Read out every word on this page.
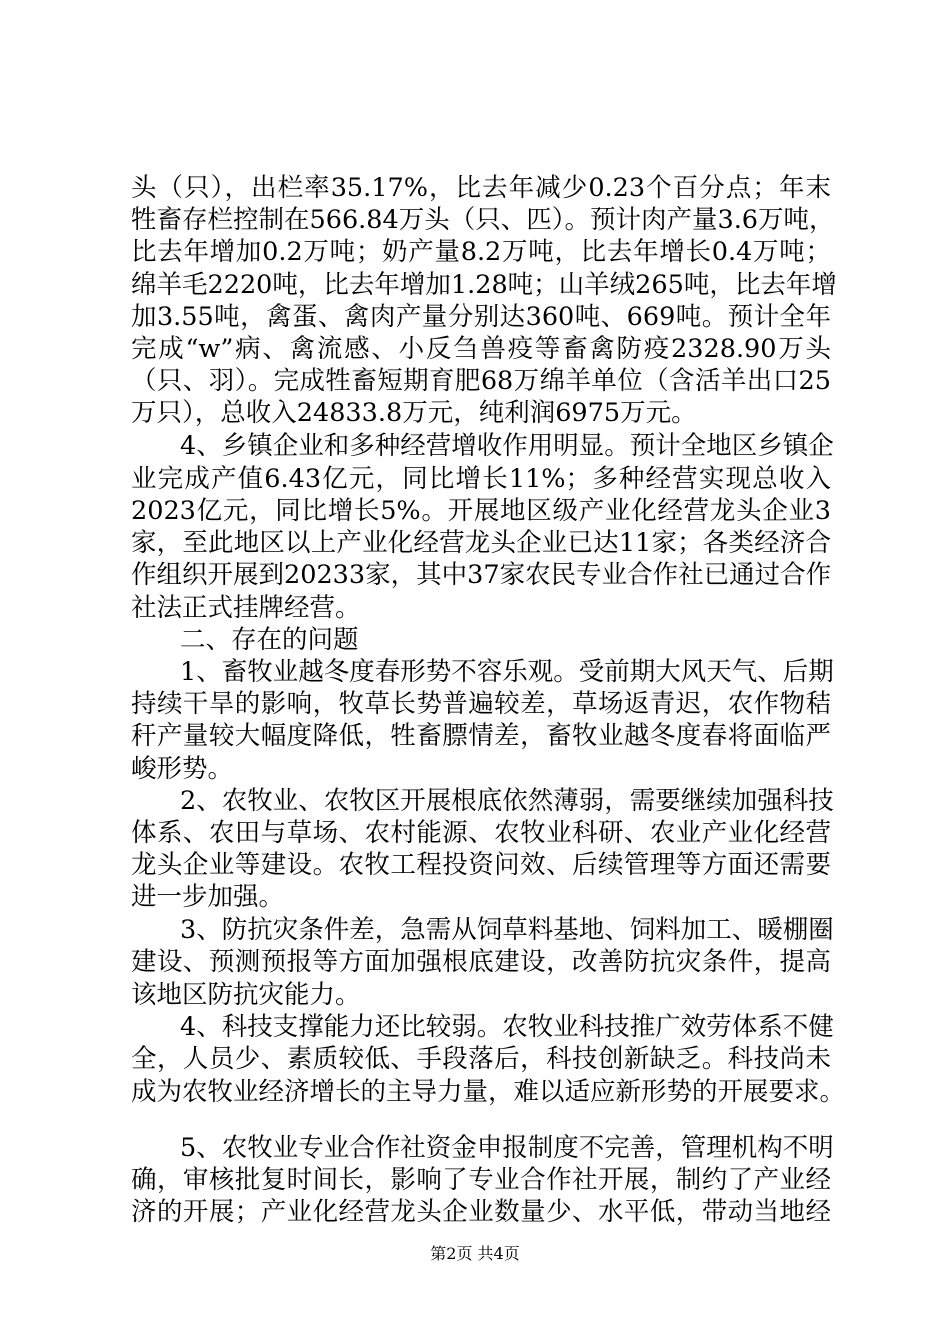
头（只），出栏率35.17%，比去年减少0.23个百分点；年末
牲畜存栏控制在566.84万头（只、匹）。预计肉产量3.6万吨，
比去年增加0.2万吨；奶产量8.2万吨，比去年增长0.4万吨；
绵羊毛2220吨，比去年增加1.28吨；山羊绒265吨，比去年增
加3.55吨，禽蛋、禽肉产量分别达360吨、669吨。预计全年
完成“w”病、禽流感、小反刍兽疫等畜禽防疫2328.90万头
（只、羽）。完成牲畜短期育肥68万绵羊单位（含活羊出口25
万只），总收入24833.8万元，纯利润6975万元。
4、乡镇企业和多种经营增收作用明显。预计全地区乡镇企
业完成产值6.43亿元，同比增长11%；多种经营实现总收入
2023亿元，同比增长5%。开展地区级产业化经营龙头企业3
家，至此地区以上产业化经营龙头企业已达11家；各类经济合
作组织开展到20233家，其中37家农民专业合作社已通过合作
社法正式挂牌经营。
二、存在的问题
1、畜牧业越冬度春形势不容乐观。受前期大风天气、后期
持续干旱的影响，牧草长势普遍较差，草场返青迟，农作物秸
秆产量较大幅度降低，牲畜膘情差，畜牧业越冬度春将面临严
峻形势。
2、农牧业、农牧区开展根底依然薄弱，需要继续加强科技
体系、农田与草场、农村能源、农牧业科研、农业产业化经营
龙头企业等建设。农牧工程投资问效、后续管理等方面还需要
进一步加强。
3、防抗灾条件差，急需从饲草料基地、饲料加工、暖棚圈
建设、预测预报等方面加强根底建设，改善防抗灾条件，提高
该地区防抗灾能力。
4、科技支撑能力还比较弱。农牧业科技推广效劳体系不健
全，人员少、素质较低、手段落后，科技创新缺乏。科技尚未
成为农牧业经济增长的主导力量，难以适应新形势的开展要求。
5、农牧业专业合作社资金申报制度不完善，管理机构不明
确，审核批复时间长，影响了专业合作社开展，制约了产业经
济的开展；产业化经营龙头企业数量少、水平低，带动当地经
第2页 共4页
